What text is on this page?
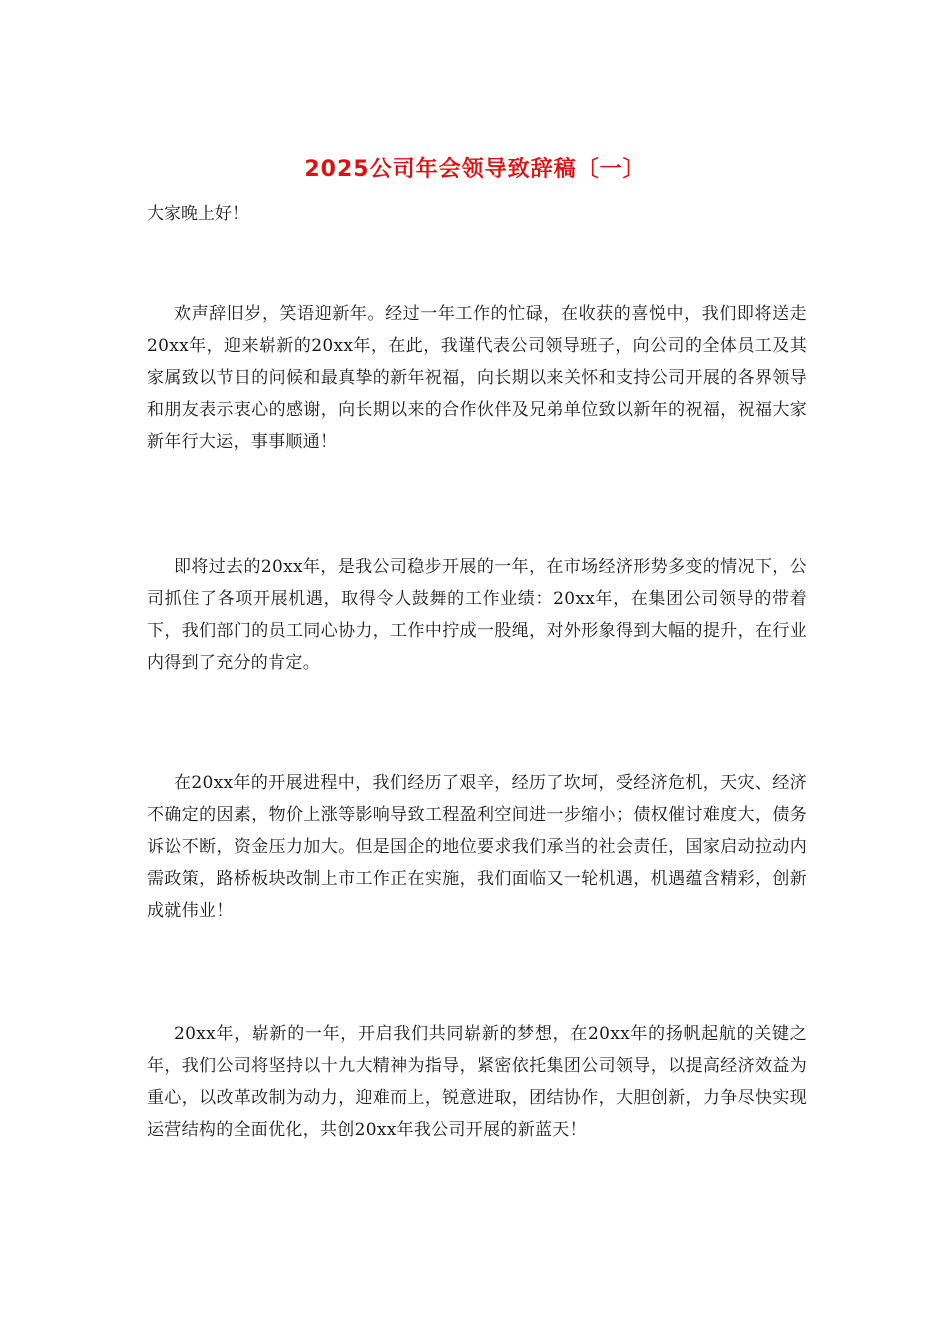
2025公司年会领导致辞稿〔一〕

大家晚上好！

欢声辞旧岁，笑语迎新年。经过一年工作的忙碌，在收获的喜悦中，我们即将送走20xx年，迎来崭新的20xx年，在此，我谨代表公司领导班子，向公司的全体员工及其家属致以节日的问候和最真挚的新年祝福，向长期以来关怀和支持公司开展的各界领导和朋友表示衷心的感谢，向长期以来的合作伙伴及兄弟单位致以新年的祝福，祝福大家新年行大运，事事顺通！

即将过去的20xx年，是我公司稳步开展的一年，在市场经济形势多变的情况下，公司抓住了各项开展机遇，取得令人鼓舞的工作业绩：20xx年，在集团公司领导的带着下，我们部门的员工同心协力，工作中拧成一股绳，对外形象得到大幅的提升，在行业内得到了充分的肯定。

在20xx年的开展进程中，我们经历了艰辛，经历了坎坷，受经济危机，天灾、经济不确定的因素，物价上涨等影响导致工程盈利空间进一步缩小；债权催讨难度大，债务诉讼不断，资金压力加大。但是国企的地位要求我们承当的社会责任，国家启动拉动内需政策，路桥板块改制上市工作正在实施，我们面临又一轮机遇，机遇蕴含精彩，创新成就伟业！

20xx年，崭新的一年，开启我们共同崭新的梦想，在20xx年的扬帆起航的关键之年，我们公司将坚持以十九大精神为指导，紧密依托集团公司领导，以提高经济效益为重心，以改革改制为动力，迎难而上，锐意进取，团结协作，大胆创新，力争尽快实现运营结构的全面优化，共创20xx年我公司开展的新蓝天！
